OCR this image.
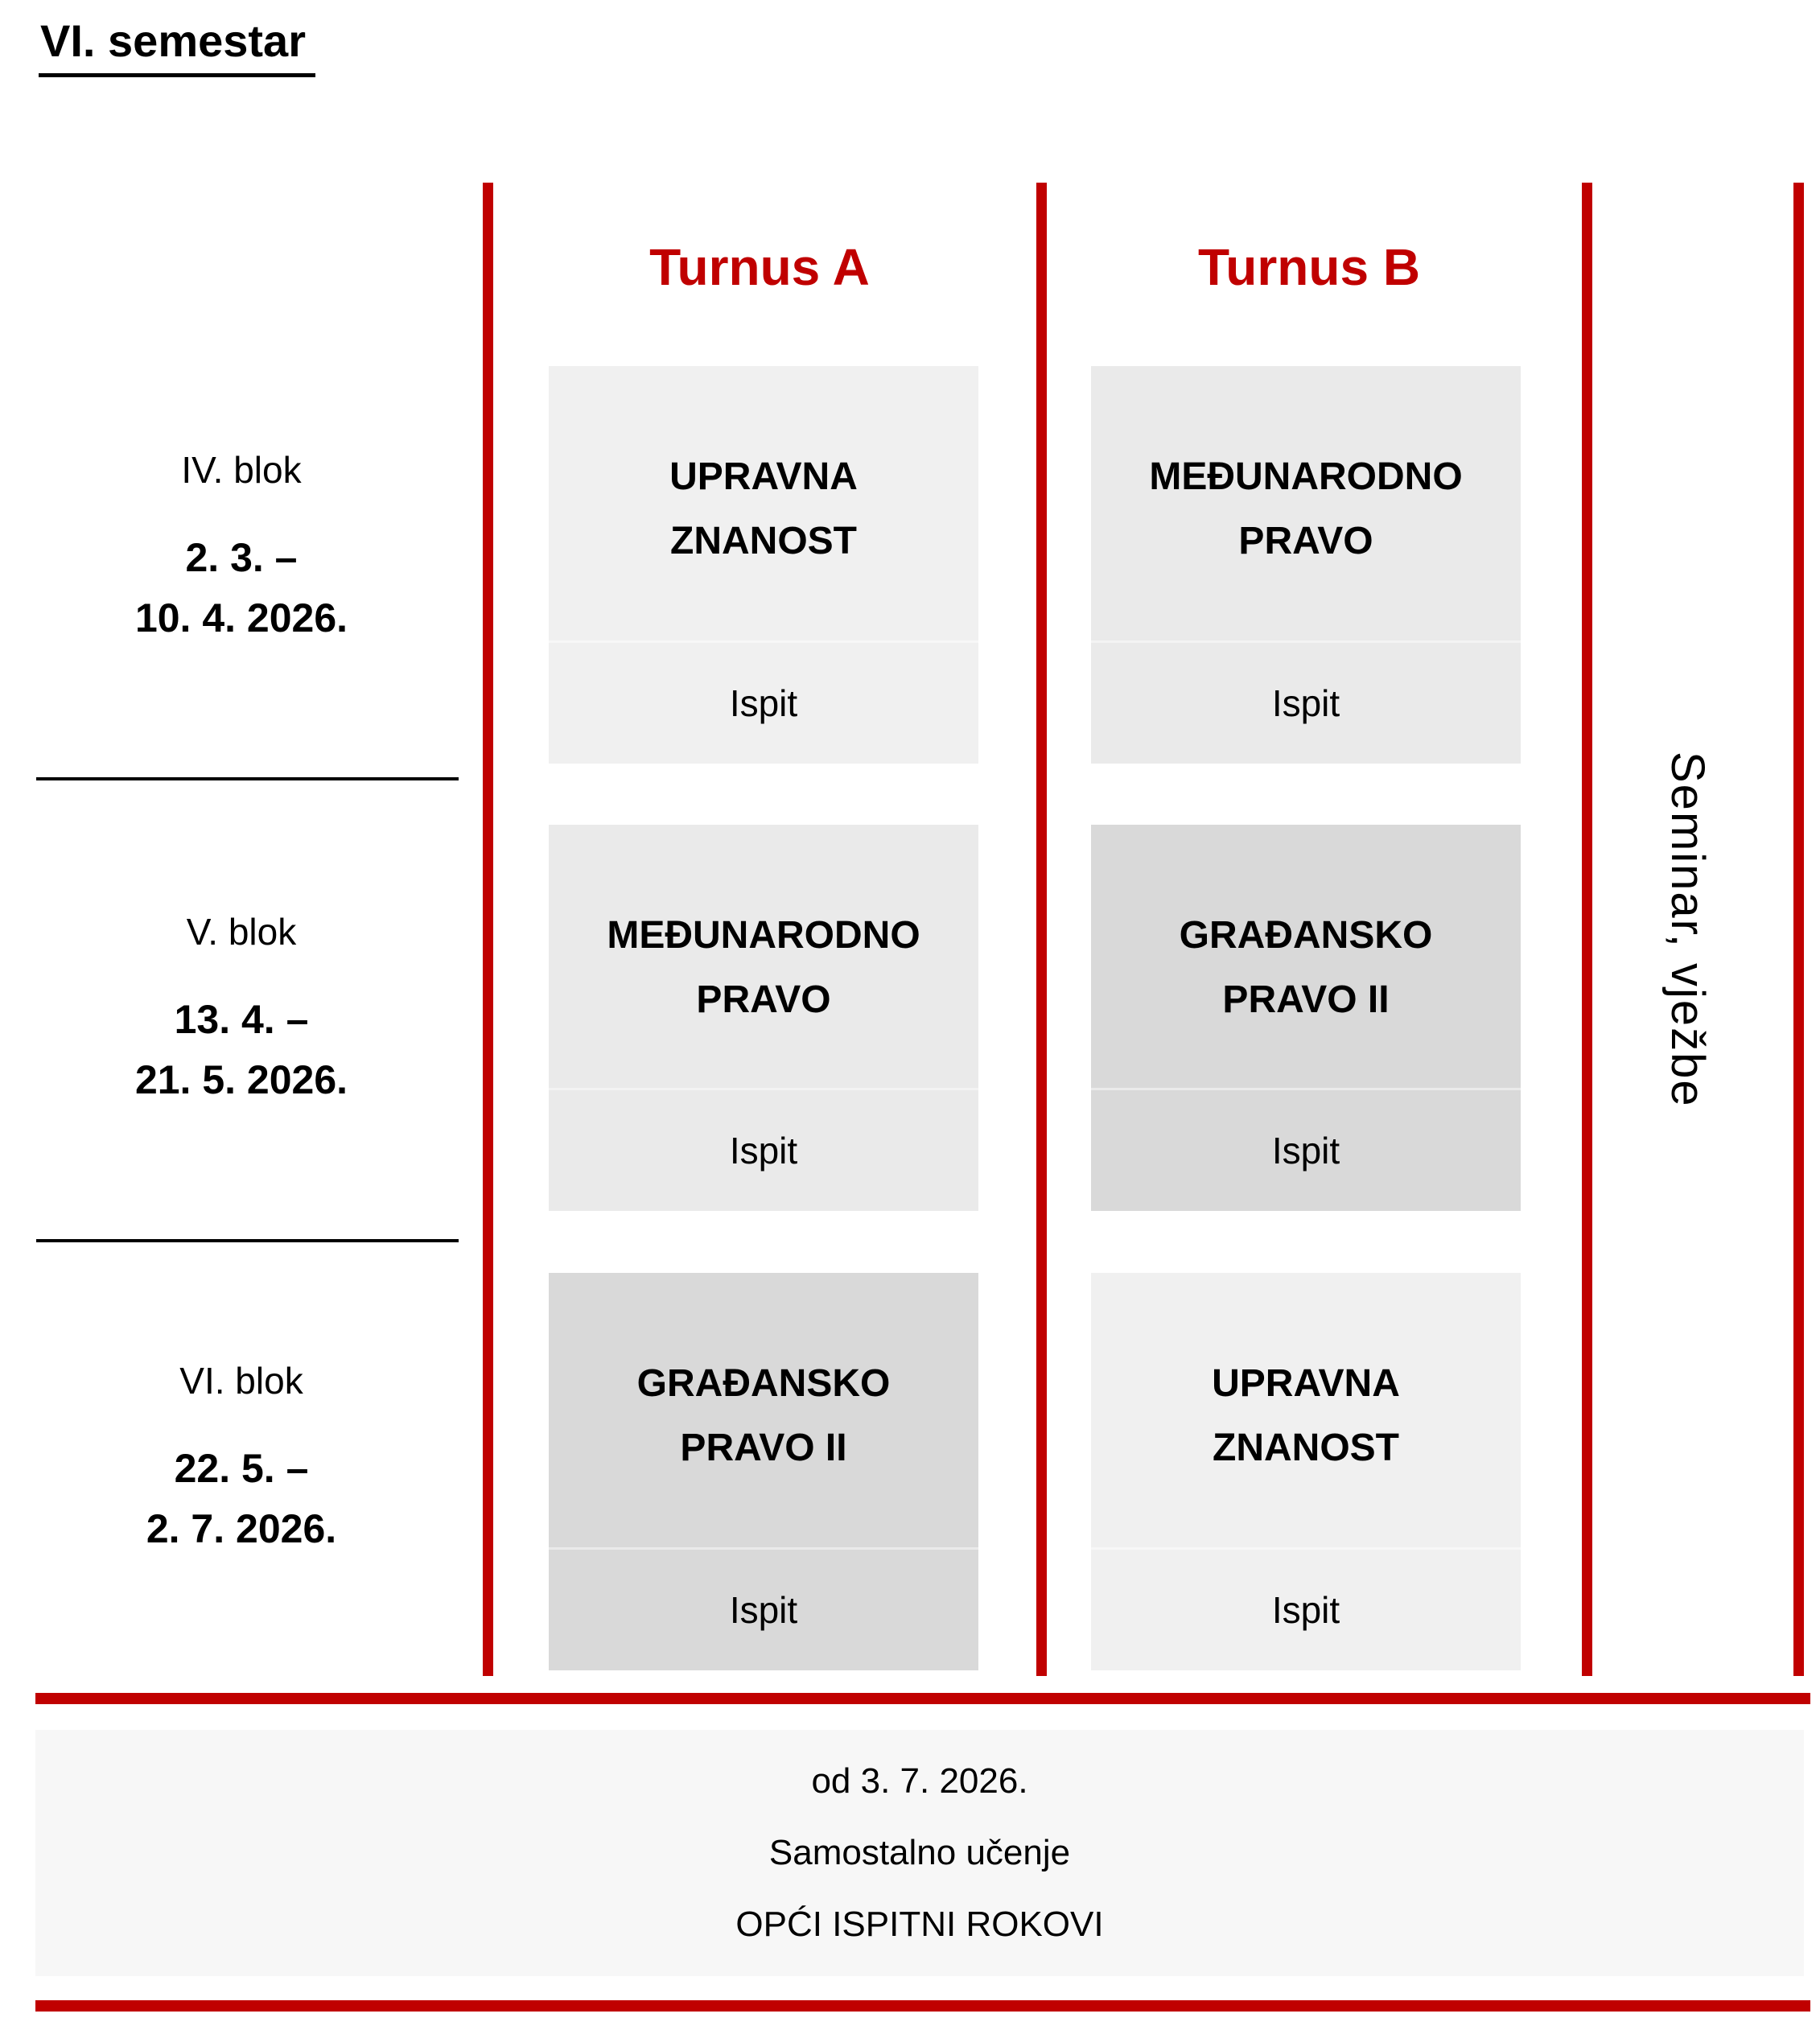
VI. semestar
Turnus A	Turnus B
IV. blok
2. 3. –
10. 4. 2026.
V. blok
13. 4. –
21. 5. 2026.
VI. blok
22. 5. –
2. 7. 2026.
UPRAVNA
ZNANOST
Ispit
MEĐUNARODNO
PRAVO
Ispit
MEĐUNARODNO
PRAVO
Ispit
GRAĐANSKO
PRAVO II
Ispit
GRAĐANSKO
PRAVO II
Ispit
UPRAVNA
ZNANOST
Ispit
Seminar, vježbe
od 3. 7. 2026.
Samostalno učenje
OPĆI ISPITNI ROKOVI
